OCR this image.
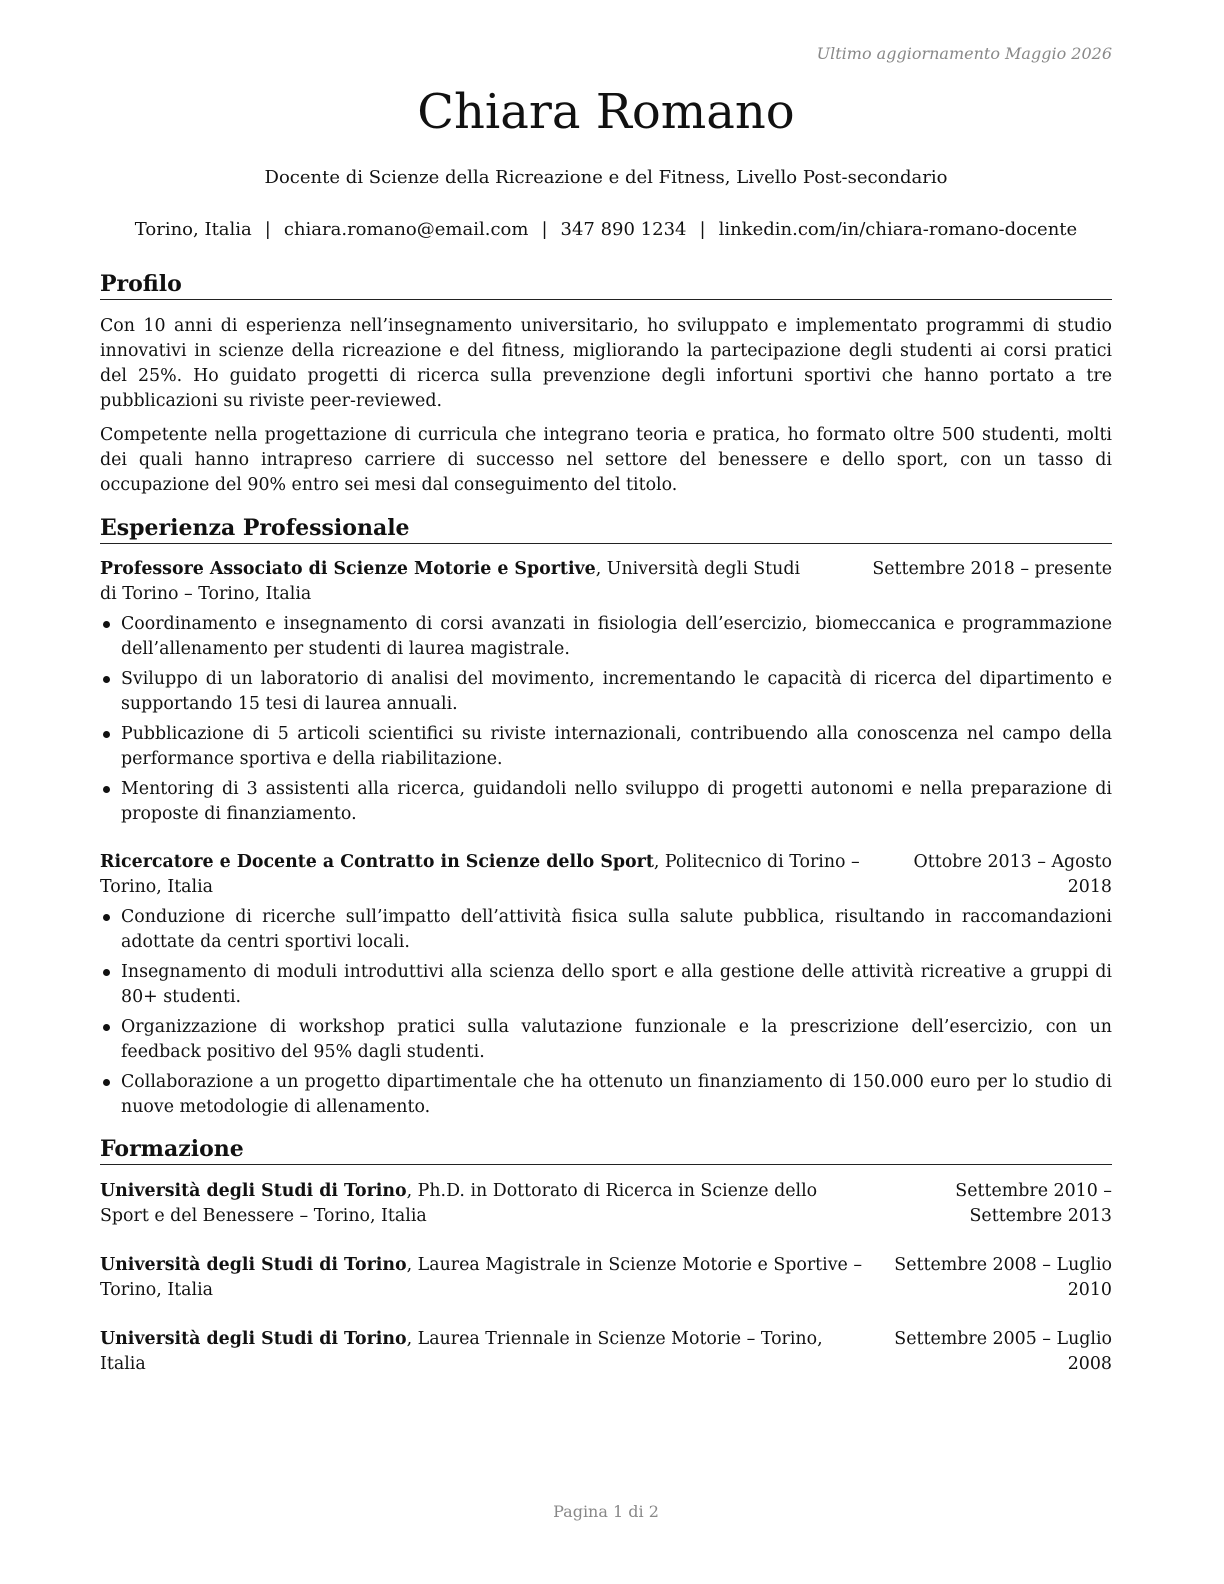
Ultimo aggiornamento Maggio 2026
Chiara Romano
Docente di Scienze della Ricreazione e del Fitness, Livello Post-secondario
Torino, Italia | chiara.romano@email.com | 347 890 1234 | linkedin.com/in/chiara-romano-docente
Profilo

Con 10 anni di esperienza nell’insegnamento universitario, ho sviluppato e implementato programmi di studio innovativi in scienze della ricreazione e del fitness, migliorando la partecipazione degli studenti ai corsi pratici del 25%. Ho guidato progetti di ricerca sulla prevenzione degli infortuni sportivi che hanno portato a tre pubblicazioni su riviste peer-reviewed.

Competente nella progettazione di curricula che integrano teoria e pratica, ho formato oltre 500 studenti, molti dei quali hanno intrapreso carriere di successo nel settore del benessere e dello sport, con un tasso di occupazione del 90% entro sei mesi dal conseguimento del titolo.

Esperienza Professionale
Professore Associato di Scienze Motorie e Sportive, Università degli Studi di Torino – Torino, Italia
Settembre 2018 – presente
Coordinamento e insegnamento di corsi avanzati in fisiologia dell’esercizio, biomeccanica e programmazione dell’allenamento per studenti di laurea magistrale.
Sviluppo di un laboratorio di analisi del movimento, incrementando le capacità di ricerca del dipartimento e supportando 15 tesi di laurea annuali.
Pubblicazione di 5 articoli scientifici su riviste internazionali, contribuendo alla conoscenza nel campo della performance sportiva e della riabilitazione.
Mentoring di 3 assistenti alla ricerca, guidandoli nello sviluppo di progetti autonomi e nella preparazione di proposte di finanziamento.
Ricercatore e Docente a Contratto in Scienze dello Sport, Politecnico di Torino – Torino, Italia
Ottobre 2013 – Agosto 2018
Conduzione di ricerche sull’impatto dell’attività fisica sulla salute pubblica, risultando in raccomandazioni adottate da centri sportivi locali.
Insegnamento di moduli introduttivi alla scienza dello sport e alla gestione delle attività ricreative a gruppi di 80+ studenti.
Organizzazione di workshop pratici sulla valutazione funzionale e la prescrizione dell’esercizio, con un feedback positivo del 95% dagli studenti.
Collaborazione a un progetto dipartimentale che ha ottenuto un finanziamento di 150.000 euro per lo studio di nuove metodologie di allenamento.
Formazione
Università degli Studi di Torino, Ph.D. in Dottorato di Ricerca in Scienze dello Sport e del Benessere – Torino, Italia
Settembre 2010 – Settembre 2013
Università degli Studi di Torino, Laurea Magistrale in Scienze Motorie e Sportive – Torino, Italia
Settembre 2008 – Luglio 2010
Università degli Studi di Torino, Laurea Triennale in Scienze Motorie – Torino, Italia
Settembre 2005 – Luglio 2008
Pagina 1 di 2
